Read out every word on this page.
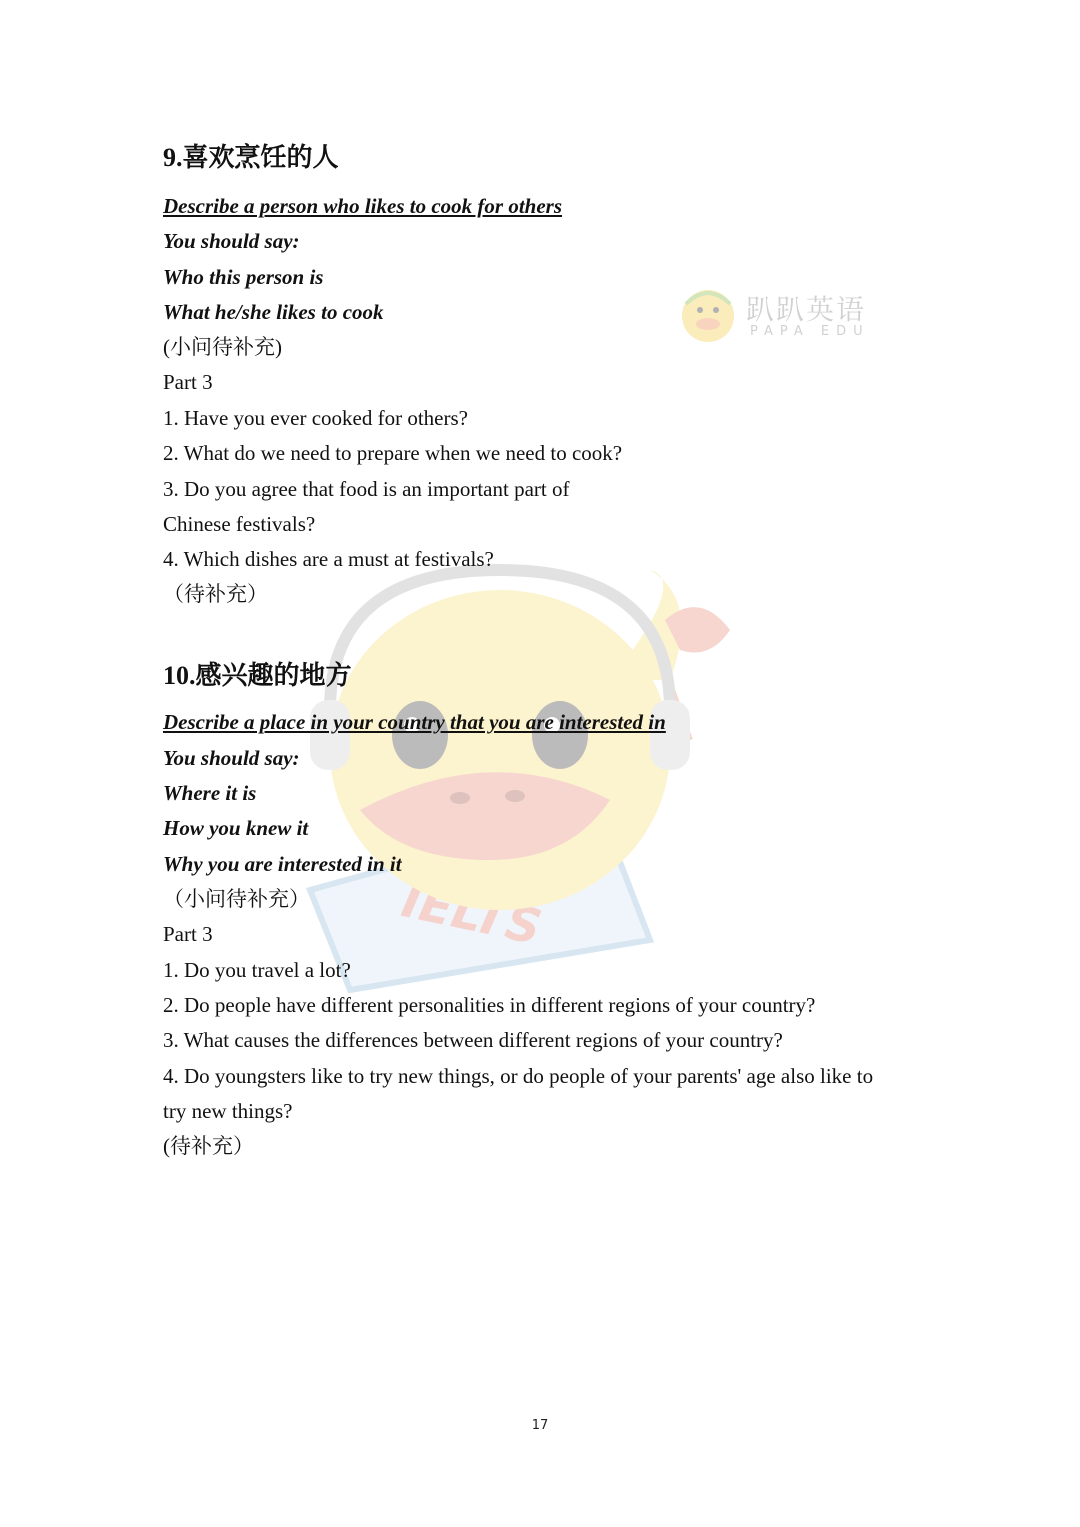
趴趴英语
PAPA EDU
IELTS
9.喜欢烹饪的人
Describe a person who likes to cook for others
You should say:
Who this person is
What he/she likes to cook
(小问待补充)
Part 3
1. Have you ever cooked for others?
2. What do we need to prepare when we need to cook?
3. Do you agree that food is an important part of
Chinese festivals?
4. Which dishes are a must at festivals?
（待补充）
10.感兴趣的地方
Describe a place in your country that you are interested in
You should say:
Where it is
How you knew it
Why you are interested in it
（小问待补充）
Part 3
1. Do you travel a lot?
2. Do people have different personalities in different regions of your country?
3. What causes the differences between different regions of your country?
4. Do youngsters like to try new things, or do people of your parents' age also like to
try new things?
(待补充）
17
